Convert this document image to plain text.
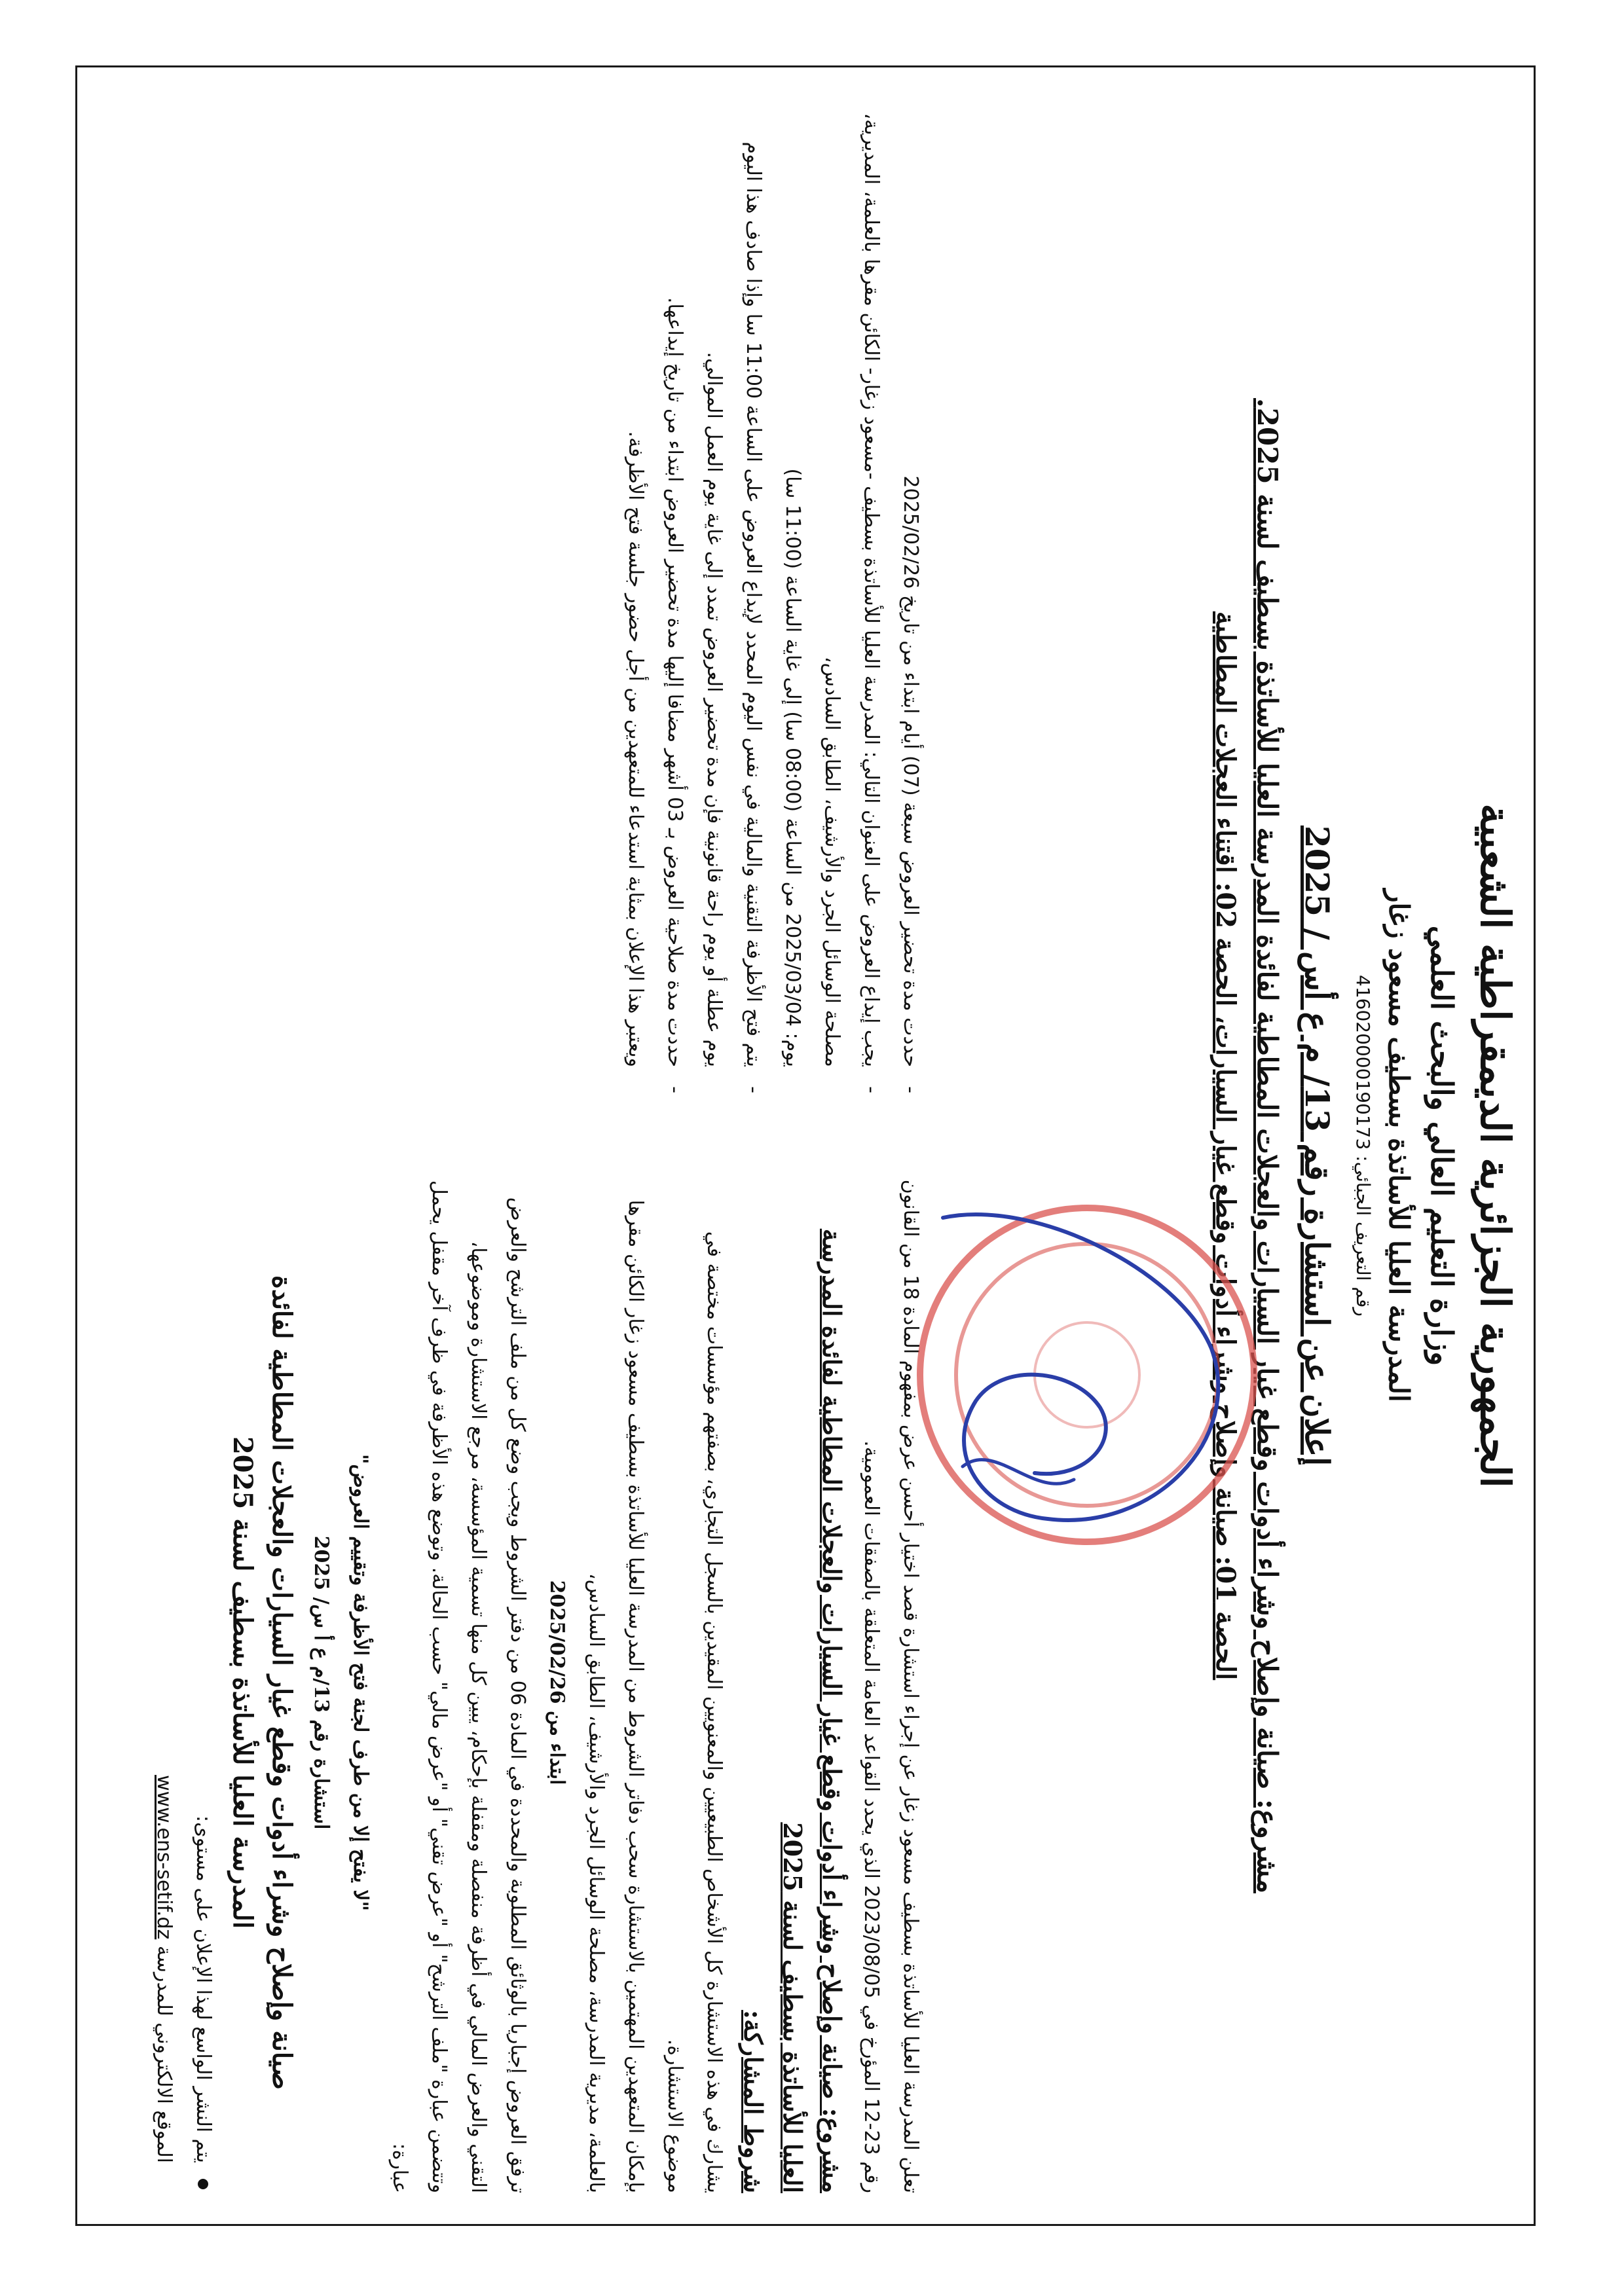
الجمهورية الجزائرية الديمقراطية الشعبية

وزارة التعليم العالي والبحث العلمي

المدرسة العليا للأساتذة بسطيف مسعود زغار

رقم التعريف الجبائي: 416020000190173

إعلان عن استشارة رقم 13/ م ع أس / 2025

مشروع: صيانة وإصلاح وشراء أدوات وقطع غيار السيارات والعجلات المطاطية لفائدة المدرسة العليا للأساتذة بسطيف لسنة 2025.

الحصة 01: صيانة وإصلاح وشراء أدوات وقطع غيار السيارات، الحصة 02: اقتناء العجلات المطاطية

تعلن المدرسة العليا للأساتذة بسطيف مسعود زغار عن إجراء استشارة قصد اختيار أحسن عرض بمفهوم المادة 18 من القانون رقم 23-12 المؤرخ في 2023/08/05 الذي يحدد القواعد العامة المتعلقة بالصفقات العمومية.

مشروع: صيانة وإصلاح وشراء أدوات وقطع غيار السيارات والعجلات المطاطية لفائدة المدرسة العليا للأساتذة بسطيف لسنة 2025

شروط المشاركة:

يشارك في هذه الاستشارة كل الأشخاص الطبيعيين والمعنويين المقيدين بالسجل التجاري، بصفتهم مؤسسات مختصة في موضوع الاستشارة.

بإمكان المتعهدين المهتمين بالاستشارة سحب دفاتر الشروط من المدرسة العليا للأساتذة بسطيف مسعود زغار الكائن مقرها بالعلمة، مديرية المدرسة، مصلحة الوسائل الجرد والأرشيف، الطابق السادس،

ابتداء من 2025/02/26

ترفق العروض إجباريا بالوثائق المطلوبة والمحددة في المادة 06 من دفتر الشروط ويجب وضع كل من ملف الترشح والعرض التقني والعرض المالي في أظرفة منفصلة ومقفلة بإحكام، يبين كل منها تسمية المؤسسة، مرجع الاستشارة وموضوعها، وتتضمن عبارة "ملف الترشح" أو "عرض تقني" أو "عرض مالي" حسب الحالة. وتوضع هذه الأظرفة في ظرف آخر مقفل يحمل عبارة:

"لا يفتح إلا من طرف لجنة فتح الأظرفة وتقييم العروض"

استشارة رقم 13/م ع أ س/ 2025

صيانة وإصلاح وشراء أدوات وقطع غيار السيارات والعجلات المطاطية لفائدة

المدرسة العليا للأساتذة بسطيف لسنة 2025

يتم النشر الواسع لهذا الإعلان على مستوى:

الموقع الالكتروني للمدرسة www.ens-setif.dz

- حددت مدة تحضير العروض سبعة (07) أيام ابتداء من تاريخ 2025/02/26

- يجب إيداع العروض على العنوان التالي: المدرسة العليا للأساتذة بسطيف -مسعود زغار- الكائن مقرها بالعلمة، المديرية، مصلحة الوسائل الجرد والأرشيف، الطابق السادس،

يوم: 2025/03/04 من الساعة (08:00 سا) إلى غاية الساعة (11:00 سا)

- يتم فتح الأظرفة التقنية والمالية في نفس اليوم المحدد لإيداع العروض على الساعة 11:00 سا وإذا صادف هذا اليوم يوم عطلة أو يوم راحة قانونية فإن مدة تحضير العروض تمدد إلى غاية يوم العمل الموالي.

- حددت مدة صلاحية العروض بـ 03 أشهر مضافا إليها مدة تحضير العروض ابتداء من تاريخ إيداعها.

ويعتبر هذا الإعلان بمثابة استدعاء للمتعهدين من أجل حضور جلسة فتح الأظرفة.
